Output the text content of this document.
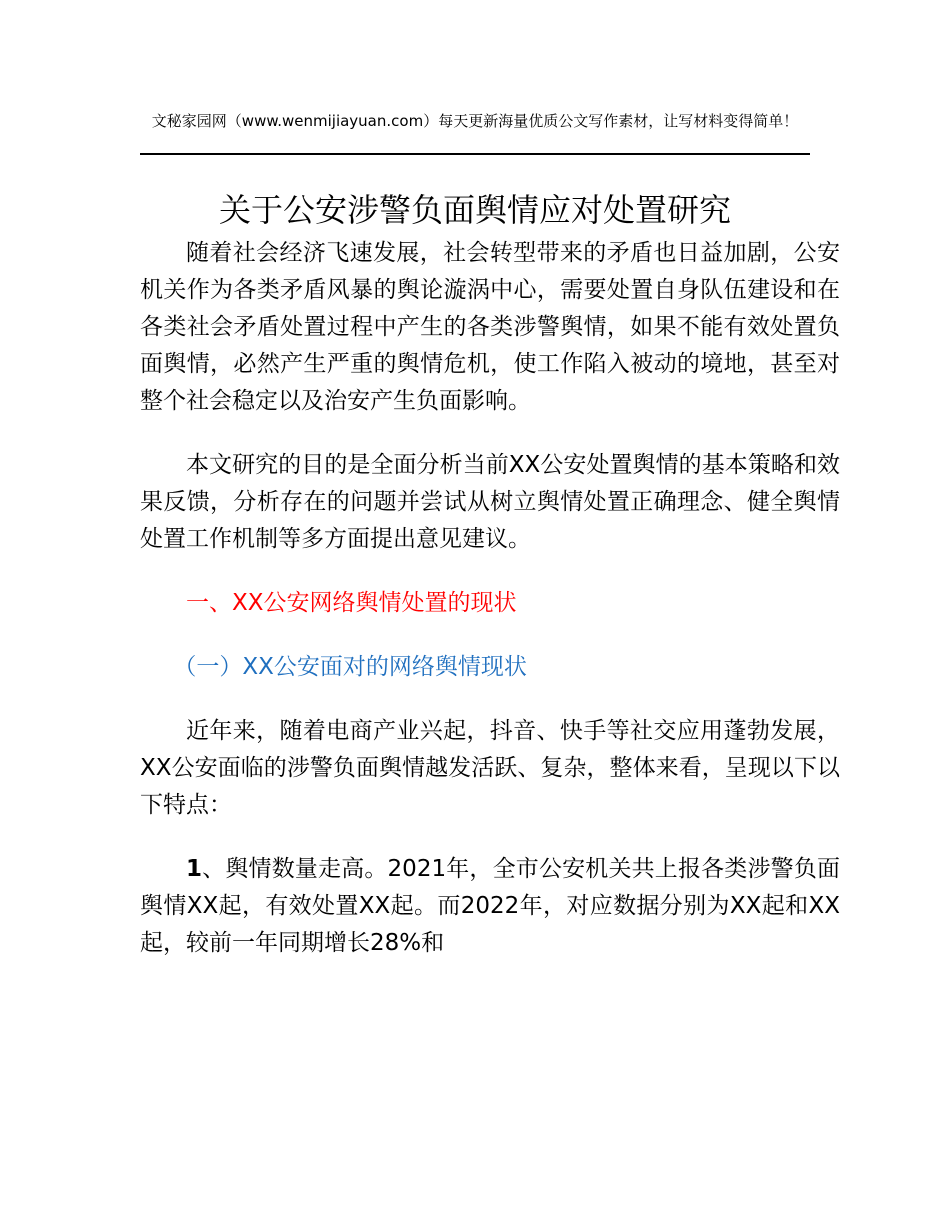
文秘家园网（www.wenmijiayuan.com）每天更新海量优质公文写作素材，让写材料变得简单！
关于公安涉警负面舆情应对处置研究

随着社会经济飞速发展，社会转型带来的矛盾也日益加剧，公安机关作为各类矛盾风暴的舆论漩涡中心，需要处置自身队伍建设和在各类社会矛盾处置过程中产生的各类涉警舆情，如果不能有效处置负面舆情，必然产生严重的舆情危机，使工作陷入被动的境地，甚至对整个社会稳定以及治安产生负面影响。

本文研究的目的是全面分析当前XX公安处置舆情的基本策略和效果反馈，分析存在的问题并尝试从树立舆情处置正确理念、健全舆情处置工作机制等多方面提出意见建议。

一、XX公安网络舆情处置的现状

（一）XX公安面对的网络舆情现状

近年来，随着电商产业兴起，抖音、快手等社交应用蓬勃发展，XX公安面临的涉警负面舆情越发活跃、复杂，整体来看，呈现以下以下特点：

1、舆情数量走高。2021年，全市公安机关共上报各类涉警负面舆情XX起，有效处置XX起。而2022年，对应数据分别为XX起和XX起，较前一年同期增长28%和
